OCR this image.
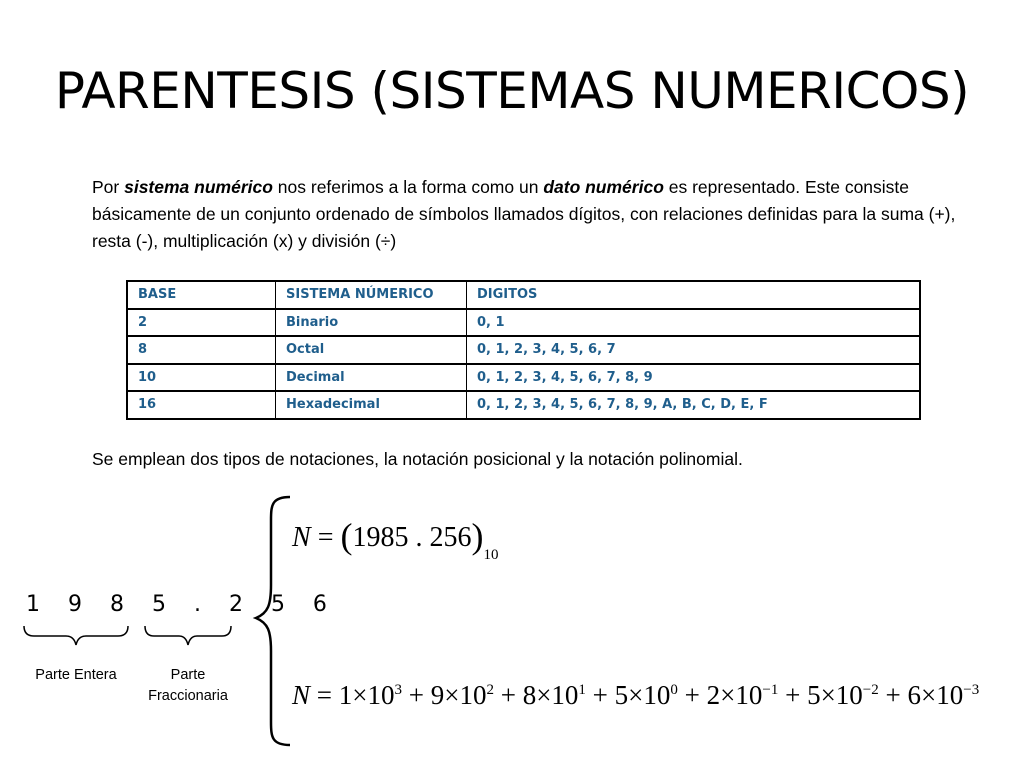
PARENTESIS (SISTEMAS NUMERICOS)
Por sistema numérico nos referimos a la forma como un dato numérico es representado. Este consiste básicamente de un conjunto ordenado de símbolos llamados dígitos, con relaciones definidas para la suma (+), resta (-), multiplicación (x) y división (÷)
BASE	SISTEMA NÚMERICO	DIGITOS
2	Binario	0, 1
8	Octal	0, 1, 2, 3, 4, 5, 6, 7
10	Decimal	0, 1, 2, 3, 4, 5, 6, 7, 8, 9
16	Hexadecimal	0, 1, 2, 3, 4, 5, 6, 7, 8, 9, A, B, C, D, E, F
Se emplean dos tipos de notaciones, la notación posicional y la notación polinomial.
1 9 8 5 . 2 5 6
Parte Entera	Parte
Fraccionaria
N = (1985 . $256)_{10}$
$N = 1\times 10^3 + 9\times 10^2 + 8\times 10^1 + 5\times 10^0 + 2\times 10^{-1} + 5\times 10^{-2} + 6\times 10^{-3}$
